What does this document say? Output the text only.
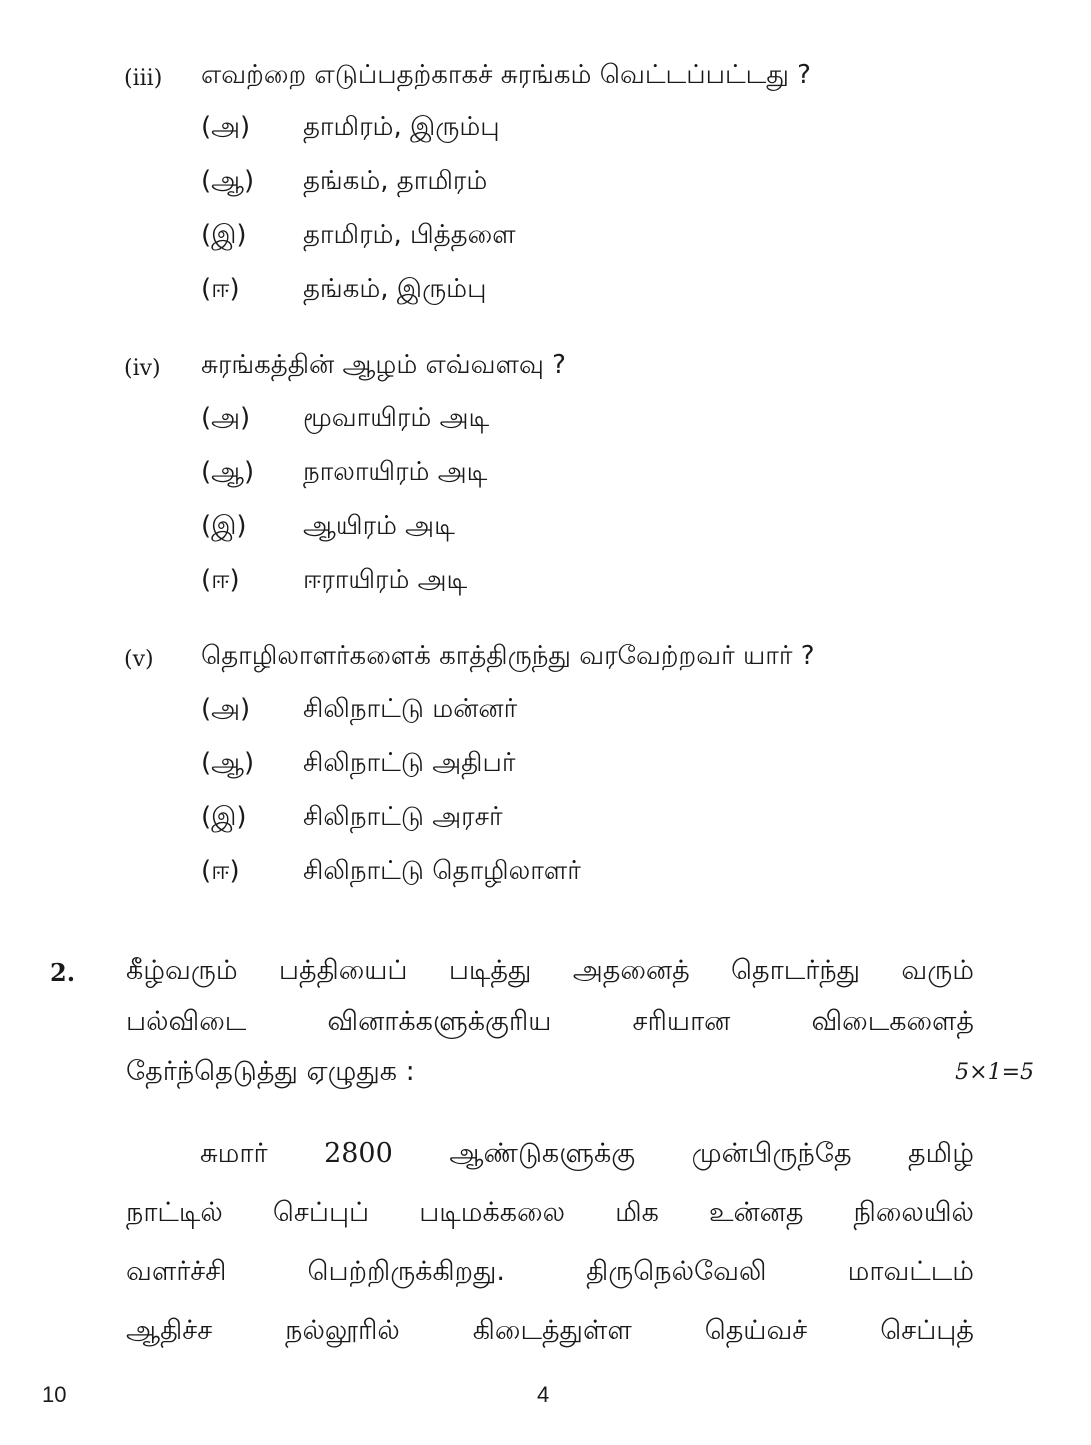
(iii) எவற்றை எடுப்பதற்காகச் சுரங்கம் வெட்டப்பட்டது ?
(அ) தாமிரம், இரும்பு
(ஆ) தங்கம், தாமிரம்
(இ) தாமிரம், பித்தளை
(ஈ) தங்கம், இரும்பு
(iv) சுரங்கத்தின் ஆழம் எவ்வளவு ?
(அ) மூவாயிரம் அடி
(ஆ) நாலாயிரம் அடி
(இ) ஆயிரம் அடி
(ஈ) ஈராயிரம் அடி
(v) தொழிலாளர்களைக் காத்திருந்து வரவேற்றவர் யார் ?
(அ) சிலிநாட்டு மன்னர்
(ஆ) சிலிநாட்டு அதிபர்
(இ) சிலிநாட்டு அரசர்
(ஈ) சிலிநாட்டு தொழிலாளர்
2. கீழ்வரும் பத்தியைப் படித்து அதனைத் தொடர்ந்து வரும்
பல்விடை	வினாக்களுக்குரிய	சரியான	விடைகளைத்
தேர்ந்தெடுத்து ஏழுதுக :	5×1=5
சுமார் 2800 ஆண்டுகளுக்கு முன்பிருந்தே தமிழ்
நாட்டில் செப்புப் படிமக்கலை மிக உன்னத நிலையில்
வளர்ச்சி	பெற்றிருக்கிறது.	திருநெல்வேலி	மாவட்டம்
ஆதிச்ச	நல்லூரில்	கிடைத்துள்ள	தெய்வச்	செப்புத்
10	4
